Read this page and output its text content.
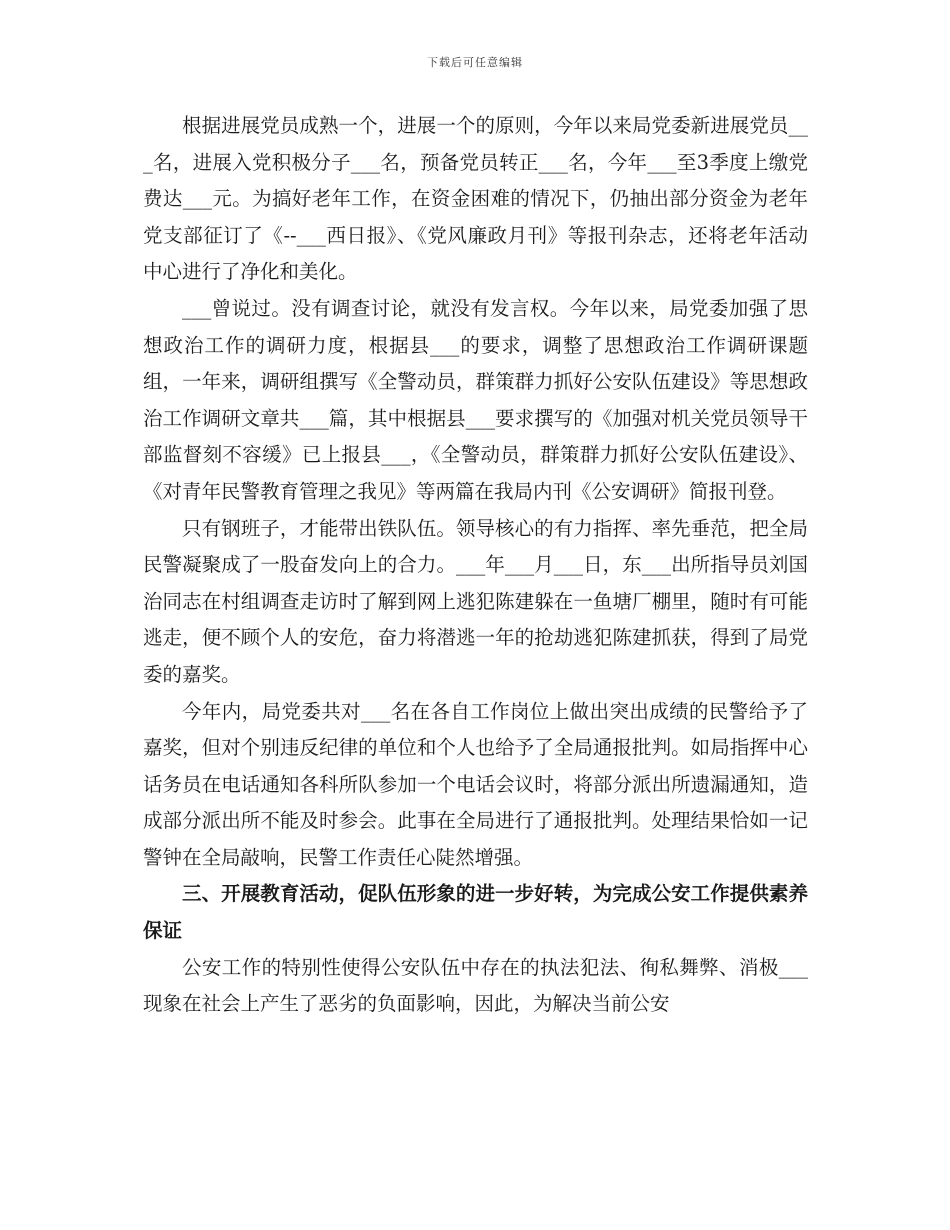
下载后可任意编辑

根据进展党员成熟一个，进展一个的原则，今年以来局党委新进展党员___名，进展入党积极分子___名，预备党员转正___名，今年___至3季度上缴党费达___元。为搞好老年工作，在资金困难的情况下，仍抽出部分资金为老年党支部征订了《--___西日报》、《党风廉政月刊》等报刊杂志，还将老年活动中心进行了净化和美化。

___曾说过。没有调查讨论，就没有发言权。今年以来，局党委加强了思想政治工作的调研力度，根据县___的要求，调整了思想政治工作调研课题组，一年来，调研组撰写《全警动员，群策群力抓好公安队伍建设》等思想政治工作调研文章共___篇，其中根据县___要求撰写的《加强对机关党员领导干部监督刻不容缓》已上报县___，《全警动员，群策群力抓好公安队伍建设》、《对青年民警教育管理之我见》等两篇在我局内刊《公安调研》简报刊登。

只有钢班子，才能带出铁队伍。领导核心的有力指挥、率先垂范，把全局民警凝聚成了一股奋发向上的合力。___年___月___日，东___出所指导员刘国治同志在村组调查走访时了解到网上逃犯陈建躲在一鱼塘厂棚里，随时有可能逃走，便不顾个人的安危，奋力将潜逃一年的抢劫逃犯陈建抓获，得到了局党委的嘉奖。

今年内，局党委共对___名在各自工作岗位上做出突出成绩的民警给予了嘉奖，但对个别违反纪律的单位和个人也给予了全局通报批判。如局指挥中心话务员在电话通知各科所队参加一个电话会议时，将部分派出所遗漏通知，造成部分派出所不能及时参会。此事在全局进行了通报批判。处理结果恰如一记警钟在全局敲响，民警工作责任心陡然增强。

三、开展教育活动，促队伍形象的进一步好转，为完成公安工作提供素养保证

公安工作的特别性使得公安队伍中存在的执法犯法、徇私舞弊、消极___现象在社会上产生了恶劣的负面影响，因此，为解决当前公安
